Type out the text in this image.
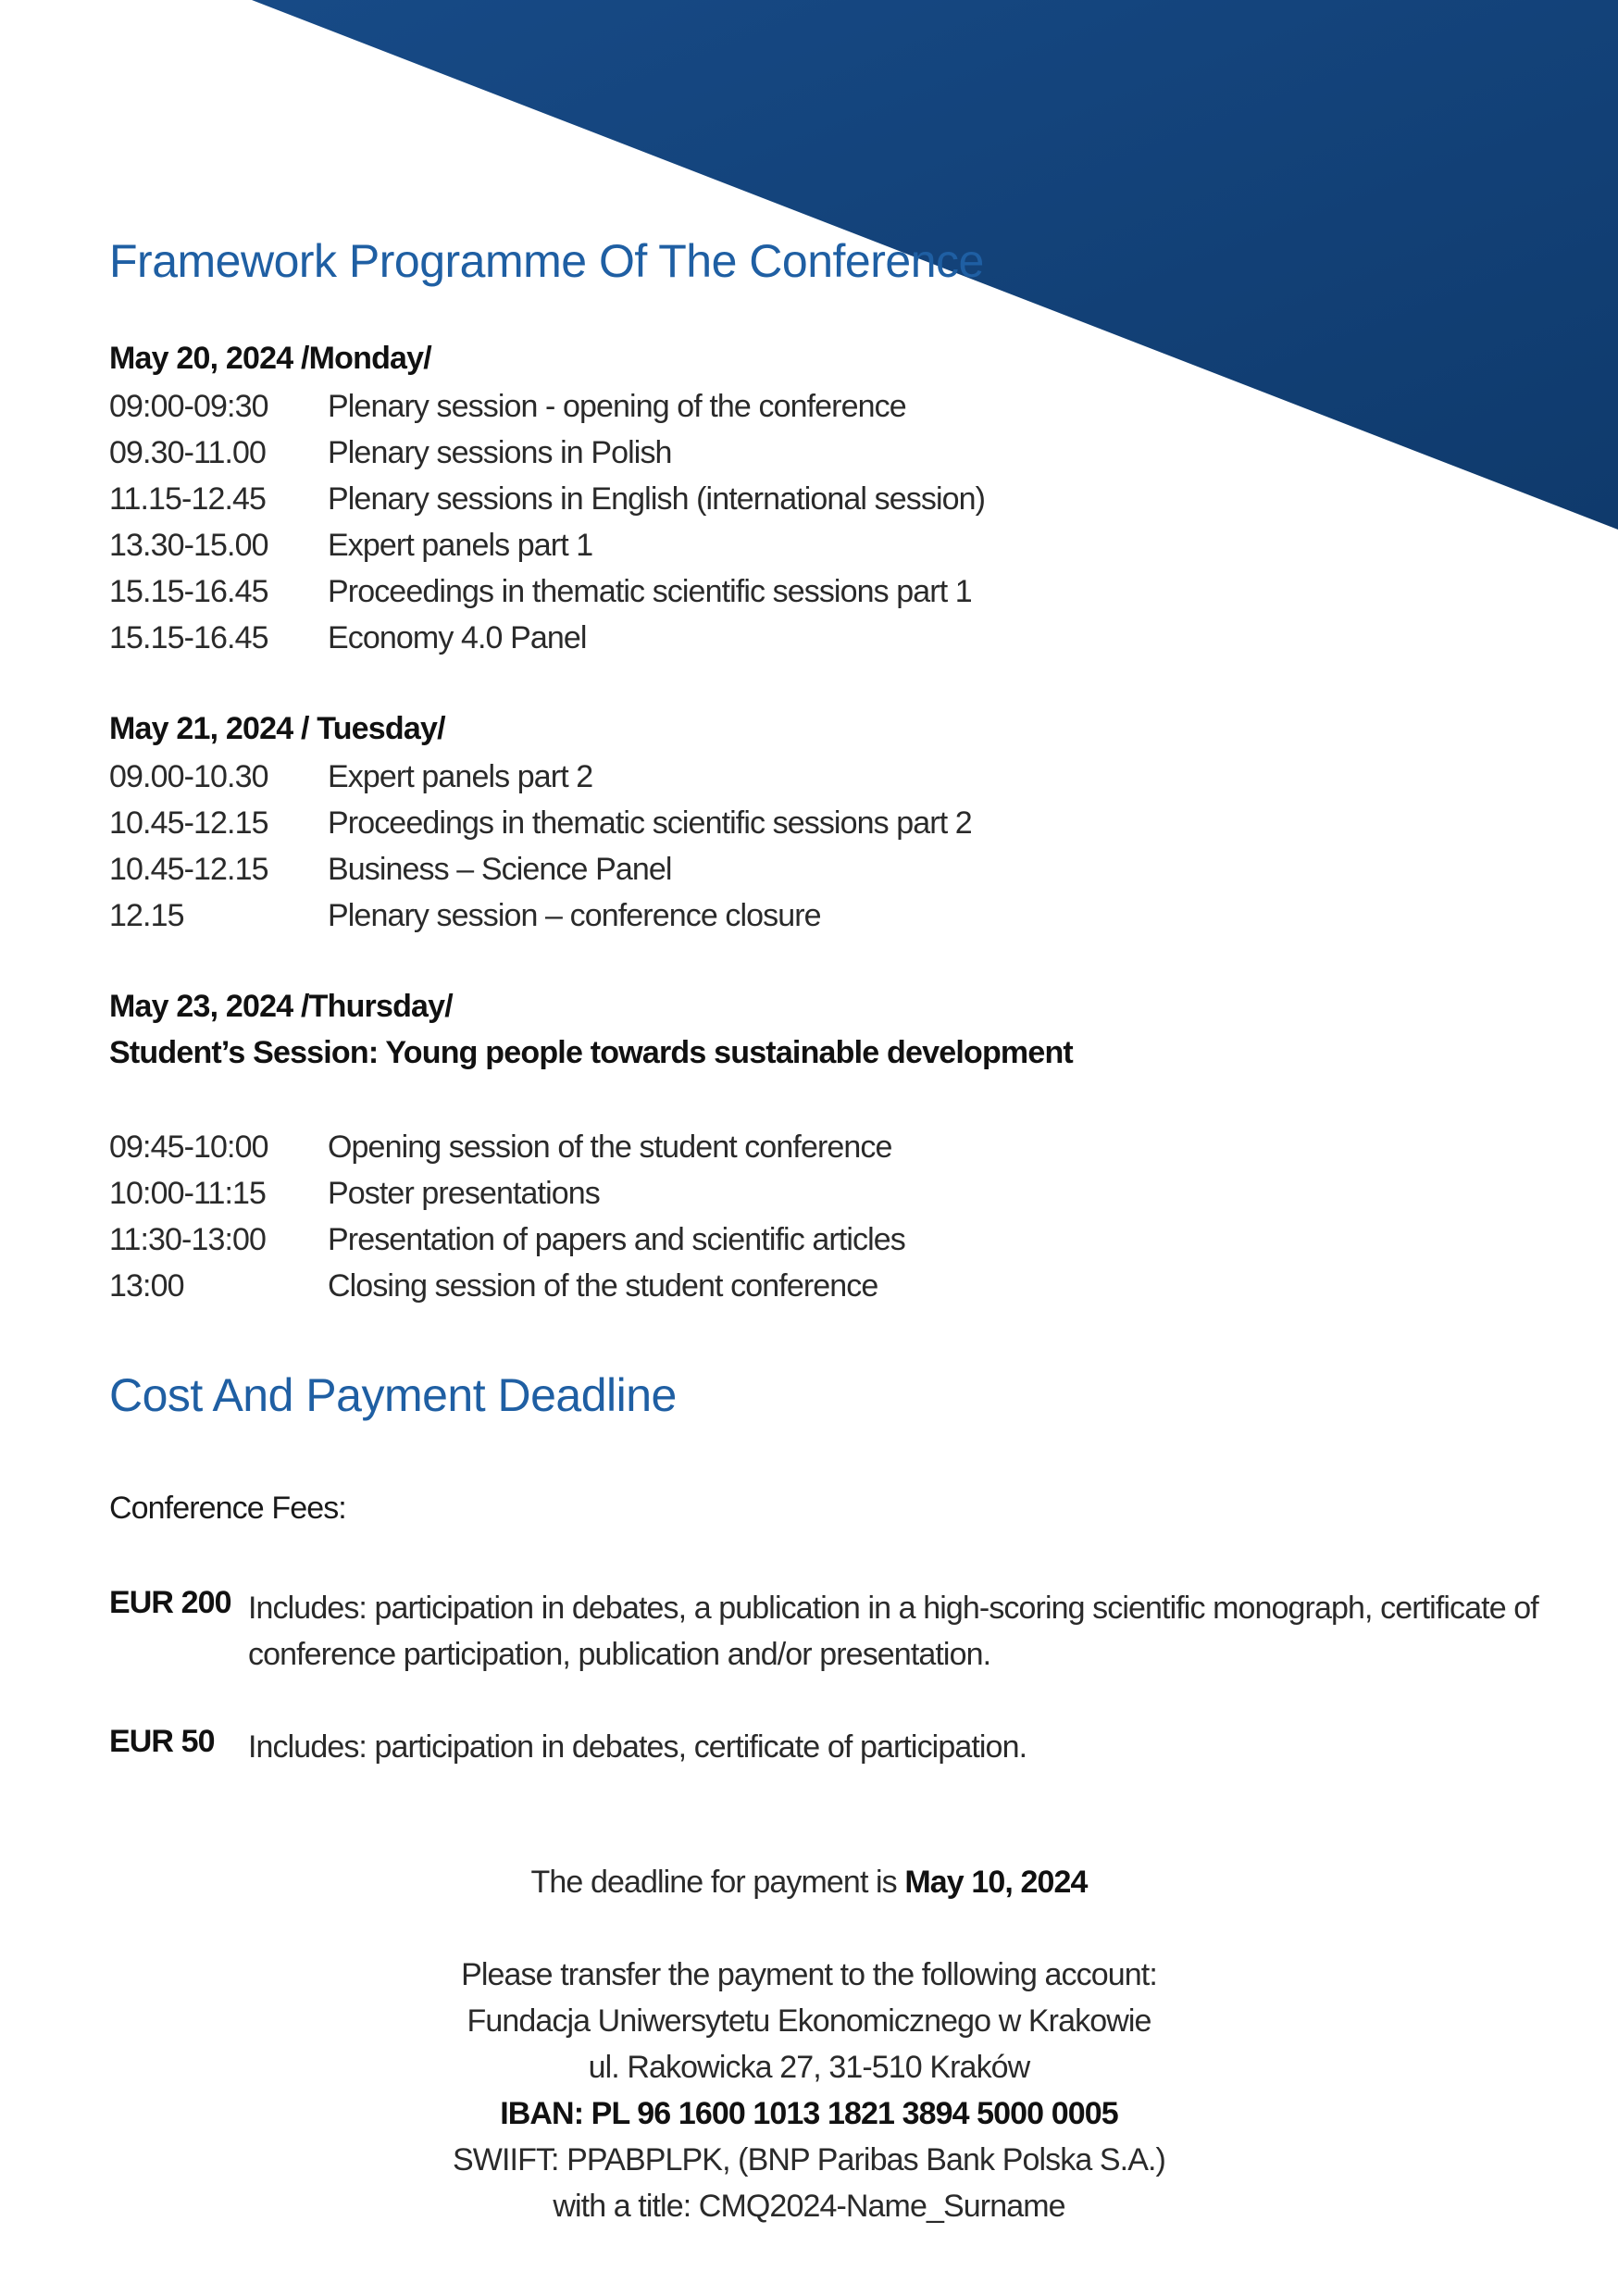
Framework Programme Of The Conference
May 20, 2024 /Monday/
09:00-09:30 Plenary session - opening of the conference
09.30-11.00 Plenary sessions in Polish
11.15-12.45 Plenary sessions in English (international session)
13.30-15.00 Expert panels part 1
15.15-16.45 Proceedings in thematic scientific sessions part 1
15.15-16.45 Economy 4.0 Panel
May 21, 2024 / Tuesday/
09.00-10.30 Expert panels part 2
10.45-12.15 Proceedings in thematic scientific sessions part 2
10.45-12.15 Business – Science Panel
12.15	Plenary session – conference closure
May 23, 2024 /Thursday/
Student’s Session: Young people towards sustainable development
09:45-10:00 Opening session of the student conference
10:00-11:15 Poster presentations
11:30-13:00 Presentation of papers and scientific articles
13:00	Closing session of the student conference
Cost And Payment Deadline
Conference Fees:
EUR 200 Includes: participation in debates, a publication in a high-scoring scientific monograph, certificate of conference participation, publication and/or presentation.
EUR 50 Includes: participation in debates, certificate of participation.
The deadline for payment is May 10, 2024
Please transfer the payment to the following account:
Fundacja Uniwersytetu Ekonomicznego w Krakowie
ul. Rakowicka 27, 31-510 Kraków
IBAN: PL 96 1600 1013 1821 3894 5000 0005
SWIIFT: PPABPLPK, (BNP Paribas Bank Polska S.A.)
with a title: CMQ2024-Name_Surname
